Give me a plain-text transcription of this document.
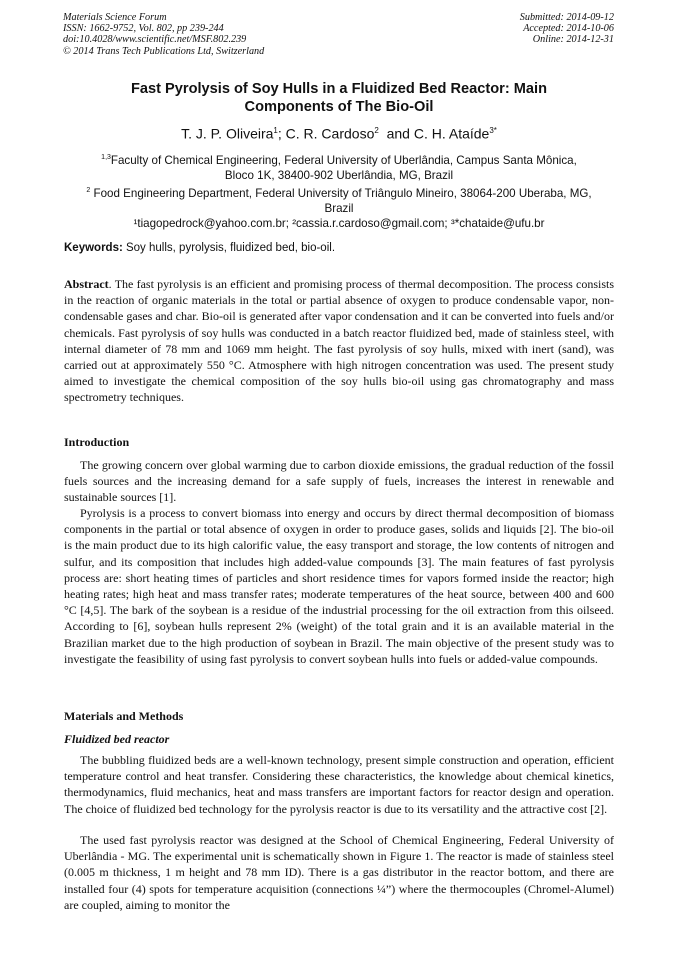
Materials Science Forum
ISSN: 1662-9752, Vol. 802, pp 239-244
doi:10.4028/www.scientific.net/MSF.802.239
© 2014 Trans Tech Publications Ltd, Switzerland
Submitted: 2014-09-12
Accepted: 2014-10-06
Online: 2014-12-31
Fast Pyrolysis of Soy Hulls in a Fluidized Bed Reactor: Main
Components of The Bio-Oil
T. J. P. Oliveira$^1$; C. R. Cardoso$^2$  and C. H. Ataíde$^{3*}$
$^{1,3}$Faculty of Chemical Engineering, Federal University of Uberlândia, Campus Santa Mônica,
Bloco 1K, 38400-902 Uberlândia, MG, Brazil
$^2$ Food Engineering Department, Federal University of Triângulo Mineiro, 38064-200 Uberaba, MG,
Brazil
¹tiagopedrock@yahoo.com.br; ²cassia.r.cardoso@gmail.com; ³*chataide@ufu.br
Keywords: Soy hulls, pyrolysis, fluidized bed, bio-oil.
Abstract. The fast pyrolysis is an efficient and promising process of thermal decomposition. The process consists in the reaction of organic materials in the total or partial absence of oxygen to produce condensable vapor, non-condensable gases and char. Bio-oil is generated after vapor condensation and it can be converted into fuels and/or chemicals. Fast pyrolysis of soy hulls was conducted in a batch reactor fluidized bed, made of stainless steel, with internal diameter of 78 mm and 1069 mm height. The fast pyrolysis of soy hulls, mixed with inert (sand), was carried out at approximately 550 °C. Atmosphere with high nitrogen concentration was used. The present study aimed to investigate the chemical composition of the soy hulls bio-oil using gas chromatography and mass spectrometry techniques.
Introduction

The growing concern over global warming due to carbon dioxide emissions, the gradual reduction of the fossil fuels sources and the increasing demand for a safe supply of fuels, increases the interest in renewable and sustainable sources [1].

Pyrolysis is a process to convert biomass into energy and occurs by direct thermal decomposition of biomass components in the partial or total absence of oxygen in order to produce gases, solids and liquids [2]. The bio-oil is the main product due to its high calorific value, the easy transport and storage, the low contents of nitrogen and sulfur, and its composition that includes high added-value compounds [3]. The main features of fast pyrolysis process are: short heating times of particles and short residence times for vapors formed inside the reactor; high heating rates; high heat and mass transfer rates; moderate temperatures of the heat source, between 400 and 600 °C [4,5]. The bark of the soybean is a residue of the industrial processing for the oil extraction from this oilseed. According to [6], soybean hulls represent 2% (weight) of the total grain and it is an available material in the Brazilian market due to the high production of soybean in Brazil. The main objective of the present study was to investigate the feasibility of using fast pyrolysis to convert soybean hulls into fuels or added-value compounds.

Materials and Methods
Fluidized bed reactor

The bubbling fluidized beds are a well-known technology, present simple construction and operation, efficient temperature control and heat transfer. Considering these characteristics, the knowledge about chemical kinetics, thermodynamics, fluid mechanics, heat and mass transfers are important factors for reactor design and operation. The choice of fluidized bed technology for the pyrolysis reactor is due to its versatility and the attractive cost [2].

The used fast pyrolysis reactor was designed at the School of Chemical Engineering, Federal University of Uberlândia - MG. The experimental unit is schematically shown in Figure 1. The reactor is made of stainless steel (0.005 m thickness, 1 m height and 78 mm ID). There is a gas distributor in the reactor bottom, and there are installed four (4) spots for temperature acquisition (connections ¼”) where the thermocouples (Chromel-Alumel) are coupled, aiming to monitor the
